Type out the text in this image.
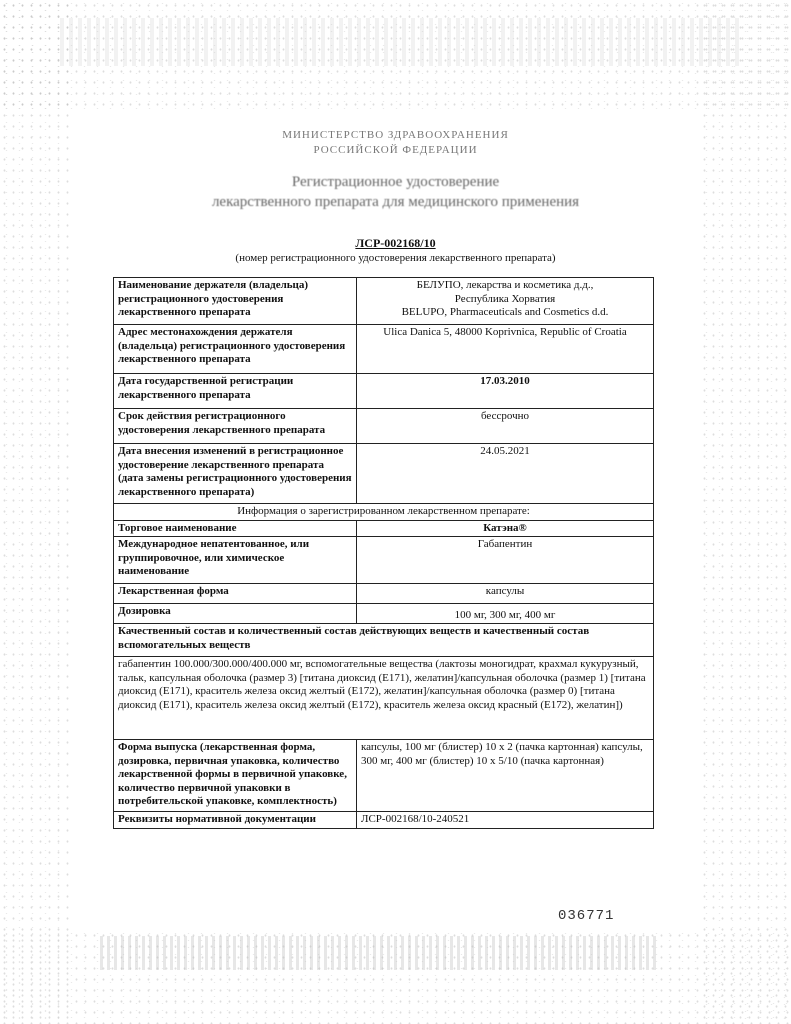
МИНИСТЕРСТВО ЗДРАВООХРАНЕНИЯ
РОССИЙСКОЙ ФЕДЕРАЦИИ
Регистрационное удостоверение
лекарственного препарата для медицинского применения
ЛСР-002168/10
(номер регистрационного удостоверения лекарственного препарата)
Наименование держателя (владельца) регистрационного удостоверения лекарственного препарата	БЕЛУПО, лекарства и косметика д.д.,
Республика Хорватия
BELUPO, Pharmaceuticals and Cosmetics d.d.

Адрес местонахождения держателя (владельца) регистрационного удостоверения лекарственного препарата	Ulica Danica 5, 48000 Koprivnica, Republic of Croatia
Дата государственной регистрации лекарственного препарата	17.03.2010
Срок действия регистрационного удостоверения лекарственного препарата	бессрочно
Дата внесения изменений в регистрационное удостоверение лекарственного препарата (дата замены регистрационного удостоверения лекарственного препарата)	24.05.2021
Информация о зарегистрированном лекарственном препарате:	
Торговое наименование	Катэна®
Международное непатентованное, или группировочное, или химическое наименование	Габапентин
Лекарственная форма	капсулы
Дозировка	100 мг, 300 мг, 400 мг
Качественный состав и количественный состав действующих веществ и качественный состав вспомогательных веществ	
габапентин 100.000/300.000/400.000 мг, вспомогательные вещества (лактозы моногидрат, крахмал кукурузный, тальк, капсульная оболочка (размер 3) [титана диоксид (E171), желатин]/капсульная оболочка (размер 1) [титана диоксид (E171), краситель железа оксид желтый (E172), желатин]/капсульная оболочка (размер 0) [титана диоксид (E171), краситель железа оксид желтый (E172), краситель железа оксид красный (E172), желатин])	
Форма выпуска (лекарственная форма, дозировка, первичная упаковка, количество лекарственной формы в первичной упаковке, количество первичной упаковки в потребительской упаковке, комплектность)	капсулы, 100 мг (блистер) 10 x 2 (пачка картонная) капсулы, 300 мг, 400 мг (блистер) 10 x 5/10 (пачка картонная)
Реквизиты нормативной документации	ЛСР-002168/10-240521
036771
